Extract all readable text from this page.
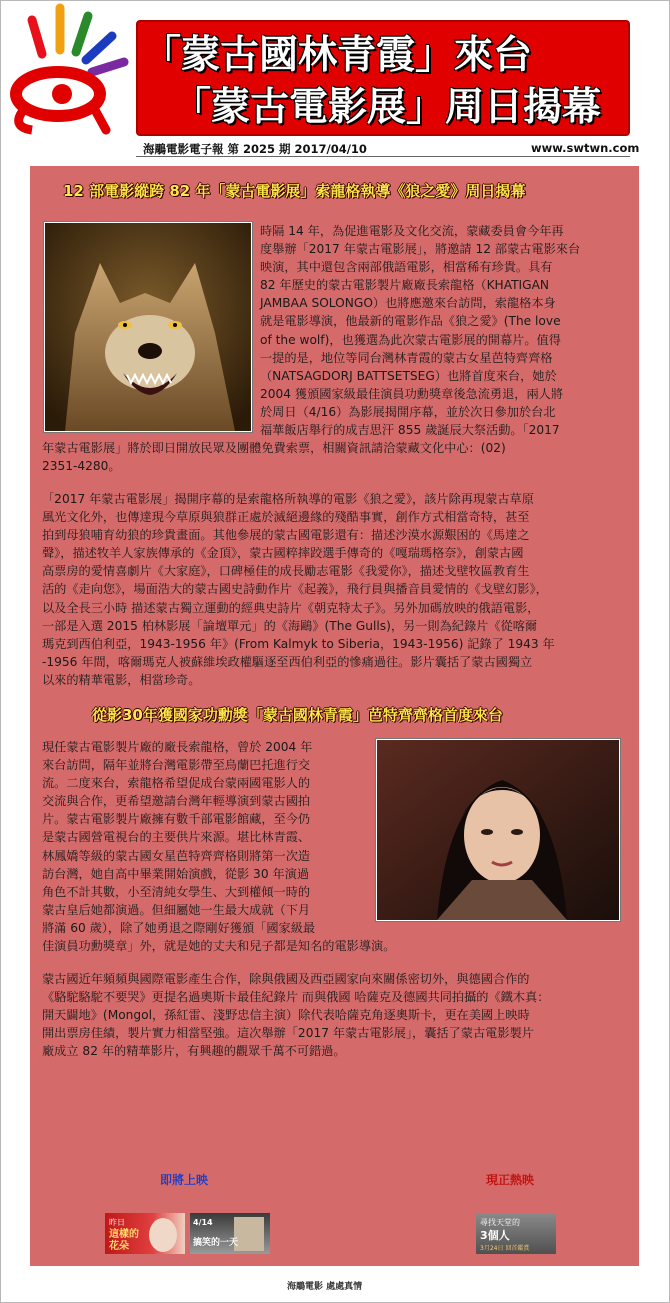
「蒙古國林青霞」來台
「蒙古電影展」周日揭幕
海鵰電影電子報 第 2025 期 2017/04/10	www.swtwn.com
12 部電影縱跨 82 年「蒙古電影展」索龍格執導《狼之愛》周日揭幕
時隔 14 年，為促進電影及文化交流，蒙藏委員會今年再
度舉辦「2017 年蒙古電影展」，將邀請 12 部蒙古電影來台
映演，其中還包含兩部俄語電影，相當稀有珍貴。具有
82 年歷史的蒙古電影製片廠廠長索龍格（KHATIGAN
JAMBAA SOLONGO）也將應邀來台訪問，索龍格本身
就是電影導演，他最新的電影作品《狼之愛》(The love
of the wolf)，也獲選為此次蒙古電影展的開幕片。值得
一提的是，地位等同台灣林青霞的蒙古女星芭特齊齊格
（NATSAGDORJ BATTSETSEG）也將首度來台，她於
2004 獲頒國家級最佳演員功勳獎章後急流勇退，兩人將
於周日（4/16）為影展揭開序幕，並於次日參加於台北
福華飯店舉行的成吉思汗 855 歲誕辰大祭活動。「2017
年蒙古電影展」將於即日開放民眾及團體免費索票，相關資訊請洽蒙藏文化中心：(02)
2351-4280。
「2017 年蒙古電影展」揭開序幕的是索龍格所執導的電影《狼之愛》，該片除再現蒙古草原
風光文化外，也傳達現今草原與狼群正處於滅絕邊緣的殘酷事實，創作方式相當奇特，甚至
拍到母狼哺育幼狼的珍貴畫面。其他參展的蒙古國電影還有：描述沙漠水源艱困的《馬達之
聲》，描述牧羊人家族傳承的《金頂》，蒙古國粹摔跤選手傳奇的《嘎瑞瑪格奈》，創蒙古國
高票房的愛情喜劇片《大家庭》，口碑極佳的成長勵志電影《我愛你》，描述戈壁牧區教育生
活的《走向您》，場面浩大的蒙古國史詩動作片《起義》，飛行員與播音員愛情的《戈壁幻影》，
以及全長三小時 描述蒙古獨立運動的經典史詩片《朝克特太子》。另外加碼放映的俄語電影，
一部是入選 2015 柏林影展「論壇單元」的《海鷗》(The Gulls)，另一則為紀錄片《從喀爾
瑪克到西伯利亞，1943-1956 年》(From Kalmyk to Siberia，1943-1956) 記錄了 1943 年
-1956 年間，喀爾瑪克人被蘇維埃政權驅逐至西伯利亞的慘痛過往。影片囊括了蒙古國獨立
以來的精華電影，相當珍奇。
從影30年獲國家功勳獎「蒙古國林青霞」芭特齊齊格首度來台
現任蒙古電影製片廠的廠長索龍格，曾於 2004 年
來台訪問，隔年並將台灣電影帶至烏蘭巴托進行交
流。二度來台，索龍格希望促成台蒙兩國電影人的
交流與合作，更希望邀請台灣年輕導演到蒙古國拍
片。蒙古電影製片廠擁有數千部電影館藏，至今仍
是蒙古國營電視台的主要供片來源。堪比林青霞、
林鳳嬌等級的蒙古國女星芭特齊齊格則將第一次造
訪台灣，她自高中畢業開始演戲，從影 30 年演過
角色不計其數，小至清純女學生、大到權傾一時的
蒙古皇后她都演過。但細屬她一生最大成就（下月
將滿 60 歲），除了她勇退之際剛好獲頒「國家級最
佳演員功勳獎章」外，就是她的丈夫和兒子都是知名的電影導演。
蒙古國近年頻頻與國際電影產生合作，除與俄國及西亞國家向來關係密切外，與德國合作的
《駱駝駱駝不要哭》更提名過奧斯卡最佳紀錄片 而與俄國 哈薩克及德國共同拍攝的《鐵木真：
開天闢地》(Mongol，孫紅雷、淺野忠信主演）除代表哈薩克角逐奧斯卡，更在美國上映時
開出票房佳績，製片實力相當堅強。這次舉辦「2017 年蒙古電影展」，囊括了蒙古電影製片
廠成立 82 年的精華影片，有興趣的觀眾千萬不可錯過。
即將上映	現正熱映
昨日
這樣的
花朵
4/14
搞笑的一天
尋找天堂的
3個人
3月24日 回首鑑賞
海鵰電影 處處真情
